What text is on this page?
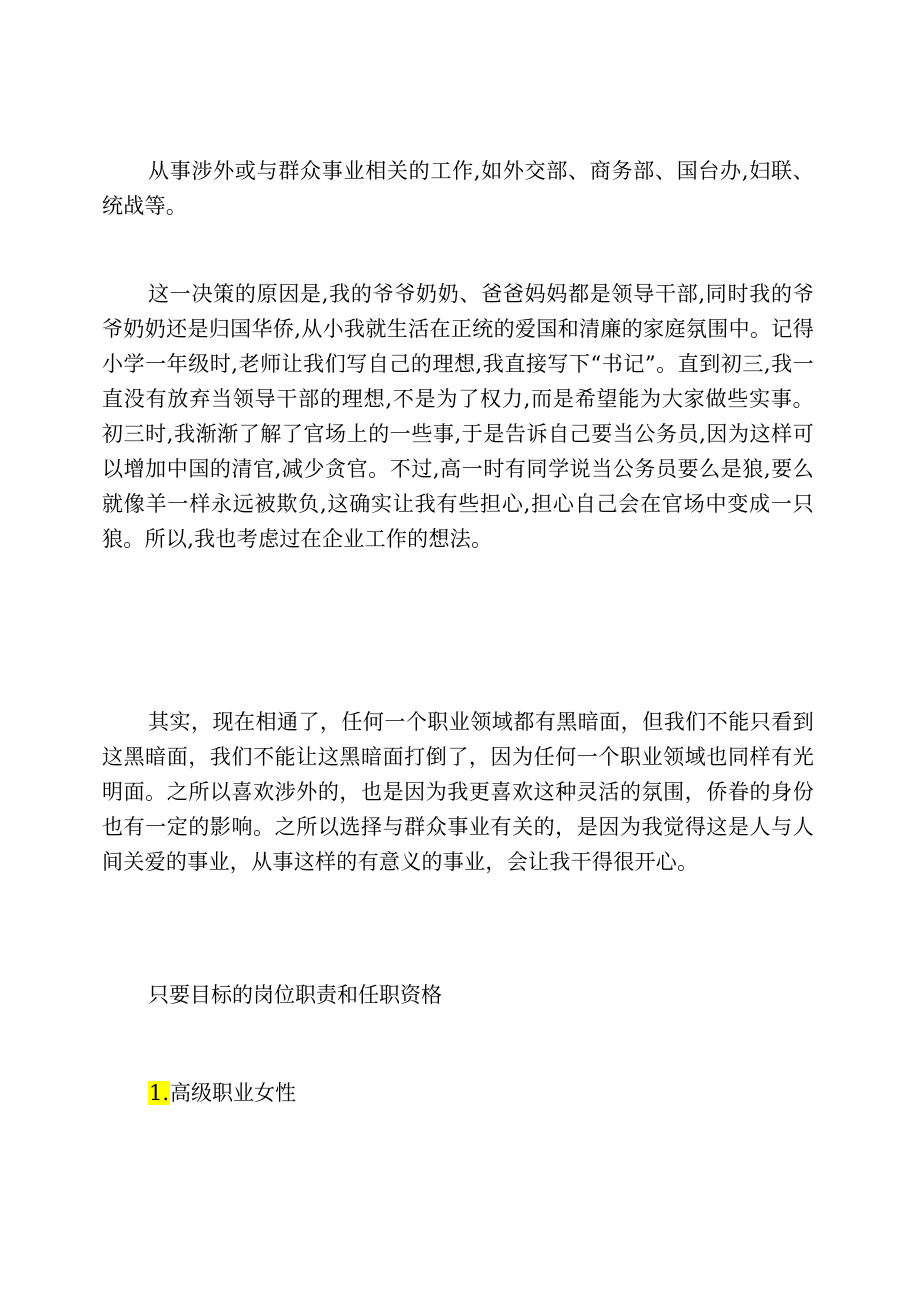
从事涉外或与群众事业相关的工作,如外交部、商务部、国台办,妇联、统战等。

这一决策的原因是,我的爷爷奶奶、爸爸妈妈都是领导干部,同时我的爷爷奶奶还是归国华侨,从小我就生活在正统的爱国和清廉的家庭氛围中。记得小学一年级时,老师让我们写自己的理想,我直接写下“书记”。直到初三,我一直没有放弃当领导干部的理想,不是为了权力,而是希望能为大家做些实事。初三时,我渐渐了解了官场上的一些事,于是告诉自己要当公务员,因为这样可以增加中国的清官,减少贪官。不过,高一时有同学说当公务员要么是狼,要么就像羊一样永远被欺负,这确实让我有些担心,担心自己会在官场中变成一只狼。所以,我也考虑过在企业工作的想法。

其实，现在相通了，任何一个职业领域都有黑暗面，但我们不能只看到这黑暗面，我们不能让这黑暗面打倒了，因为任何一个职业领域也同样有光明面。之所以喜欢涉外的，也是因为我更喜欢这种灵活的氛围，侨眷的身份也有一定的影响。之所以选择与群众事业有关的，是因为我觉得这是人与人间关爱的事业，从事这样的有意义的事业，会让我干得很开心。

只要目标的岗位职责和任职资格

1.高级职业女性
